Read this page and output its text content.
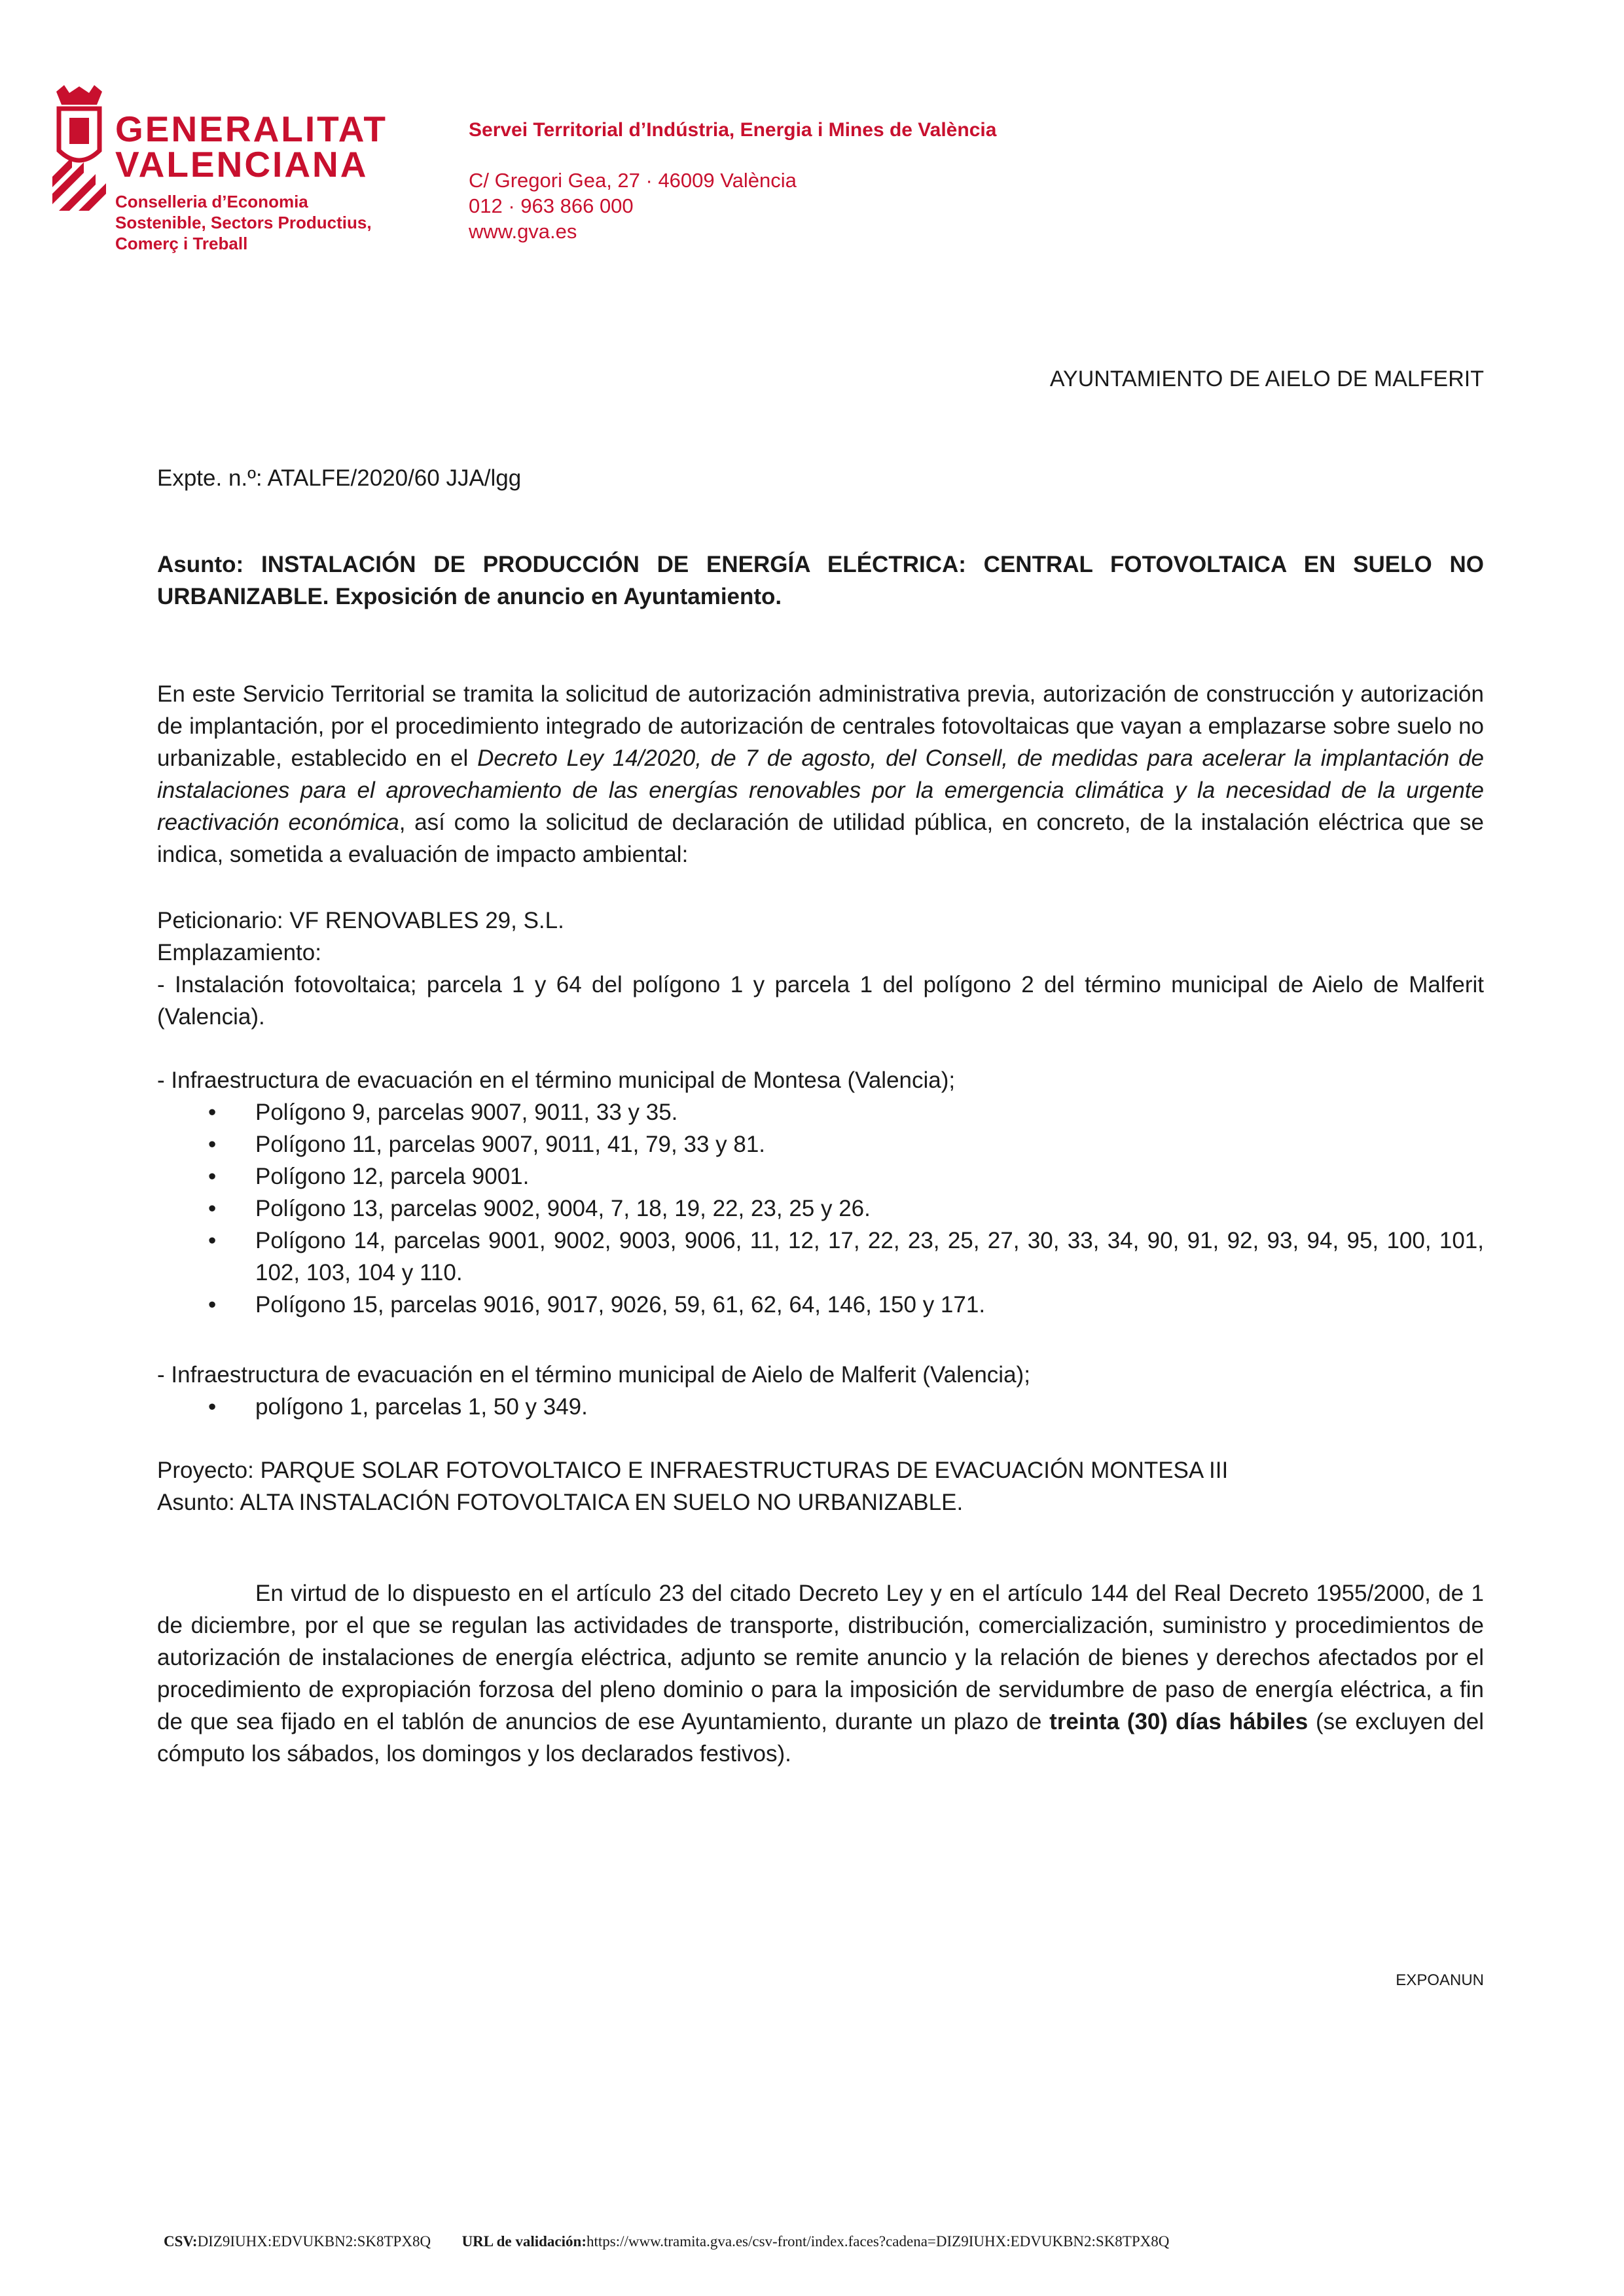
GENERALITAT
VALENCIANA
Conselleria d’Economia
Sostenible, Sectors Productius,
Comerç i Treball
Servei Territorial d’Indústria, Energia i Mines de València
C/ Gregori Gea, 27 · 46009 València
012 · 963 866 000
www.gva.es
AYUNTAMIENTO DE AIELO DE MALFERIT
Expte. n.º: ATALFE/2020/60 JJA/lgg
Asunto: INSTALACIÓN DE PRODUCCIÓN DE ENERGÍA ELÉCTRICA: CENTRAL FOTOVOLTAICA EN SUELO NO URBANIZABLE. Exposición de anuncio en Ayuntamiento.
En este Servicio Territorial se tramita la solicitud de autorización administrativa previa, autorización de construcción y autorización de implantación, por el procedimiento integrado de autorización de centrales fotovoltaicas que vayan a emplazarse sobre suelo no urbanizable, establecido en el Decreto Ley 14/2020, de 7 de agosto, del Consell, de medidas para acelerar la implantación de instalaciones para el aprovechamiento de las energías renovables por la emergencia climática y la necesidad de la urgente reactivación económica, así como la solicitud de declaración de utilidad pública, en concreto, de la instalación eléctrica que se indica, sometida a evaluación de impacto ambiental:
Peticionario: VF RENOVABLES 29, S.L.
Emplazamiento:
- Instalación fotovoltaica; parcela 1 y 64 del polígono 1 y parcela 1 del polígono 2 del término municipal de Aielo de Malferit (Valencia).
- Infraestructura de evacuación en el término municipal de Montesa (Valencia);
• Polígono 9, parcelas 9007, 9011, 33 y 35.
• Polígono 11, parcelas 9007, 9011, 41, 79, 33 y 81.
• Polígono 12, parcela 9001.
• Polígono 13, parcelas 9002, 9004, 7, 18, 19, 22, 23, 25 y 26.
• Polígono 14, parcelas 9001, 9002, 9003, 9006, 11, 12, 17, 22, 23, 25, 27, 30, 33, 34, 90, 91, 92, 93, 94, 95, 100, 101, 102, 103, 104 y 110.
• Polígono 15, parcelas 9016, 9017, 9026, 59, 61, 62, 64, 146, 150 y 171.
- Infraestructura de evacuación en el término municipal de Aielo de Malferit (Valencia);
• polígono 1, parcelas 1, 50 y 349.
Proyecto: PARQUE SOLAR FOTOVOLTAICO E INFRAESTRUCTURAS DE EVACUACIÓN MONTESA III
Asunto: ALTA INSTALACIÓN FOTOVOLTAICA EN SUELO NO URBANIZABLE.
En virtud de lo dispuesto en el artículo 23 del citado Decreto Ley y en el artículo 144 del Real Decreto 1955/2000, de 1 de diciembre, por el que se regulan las actividades de transporte, distribución, comercialización, suministro y procedimientos de autorización de instalaciones de energía eléctrica, adjunto se remite anuncio y la relación de bienes y derechos afectados por el procedimiento de expropiación forzosa del pleno dominio o para la imposición de servidumbre de paso de energía eléctrica, a fin de que sea fijado en el tablón de anuncios de ese Ayuntamiento, durante un plazo de treinta (30) días hábiles (se excluyen del cómputo los sábados, los domingos y los declarados festivos).
EXPOANUN
CSV:DIZ9IUHX:EDVUKBN2:SK8TPX8Q URL de validación:https://www.tramita.gva.es/csv-front/index.faces?cadena=DIZ9IUHX:EDVUKBN2:SK8TPX8Q
